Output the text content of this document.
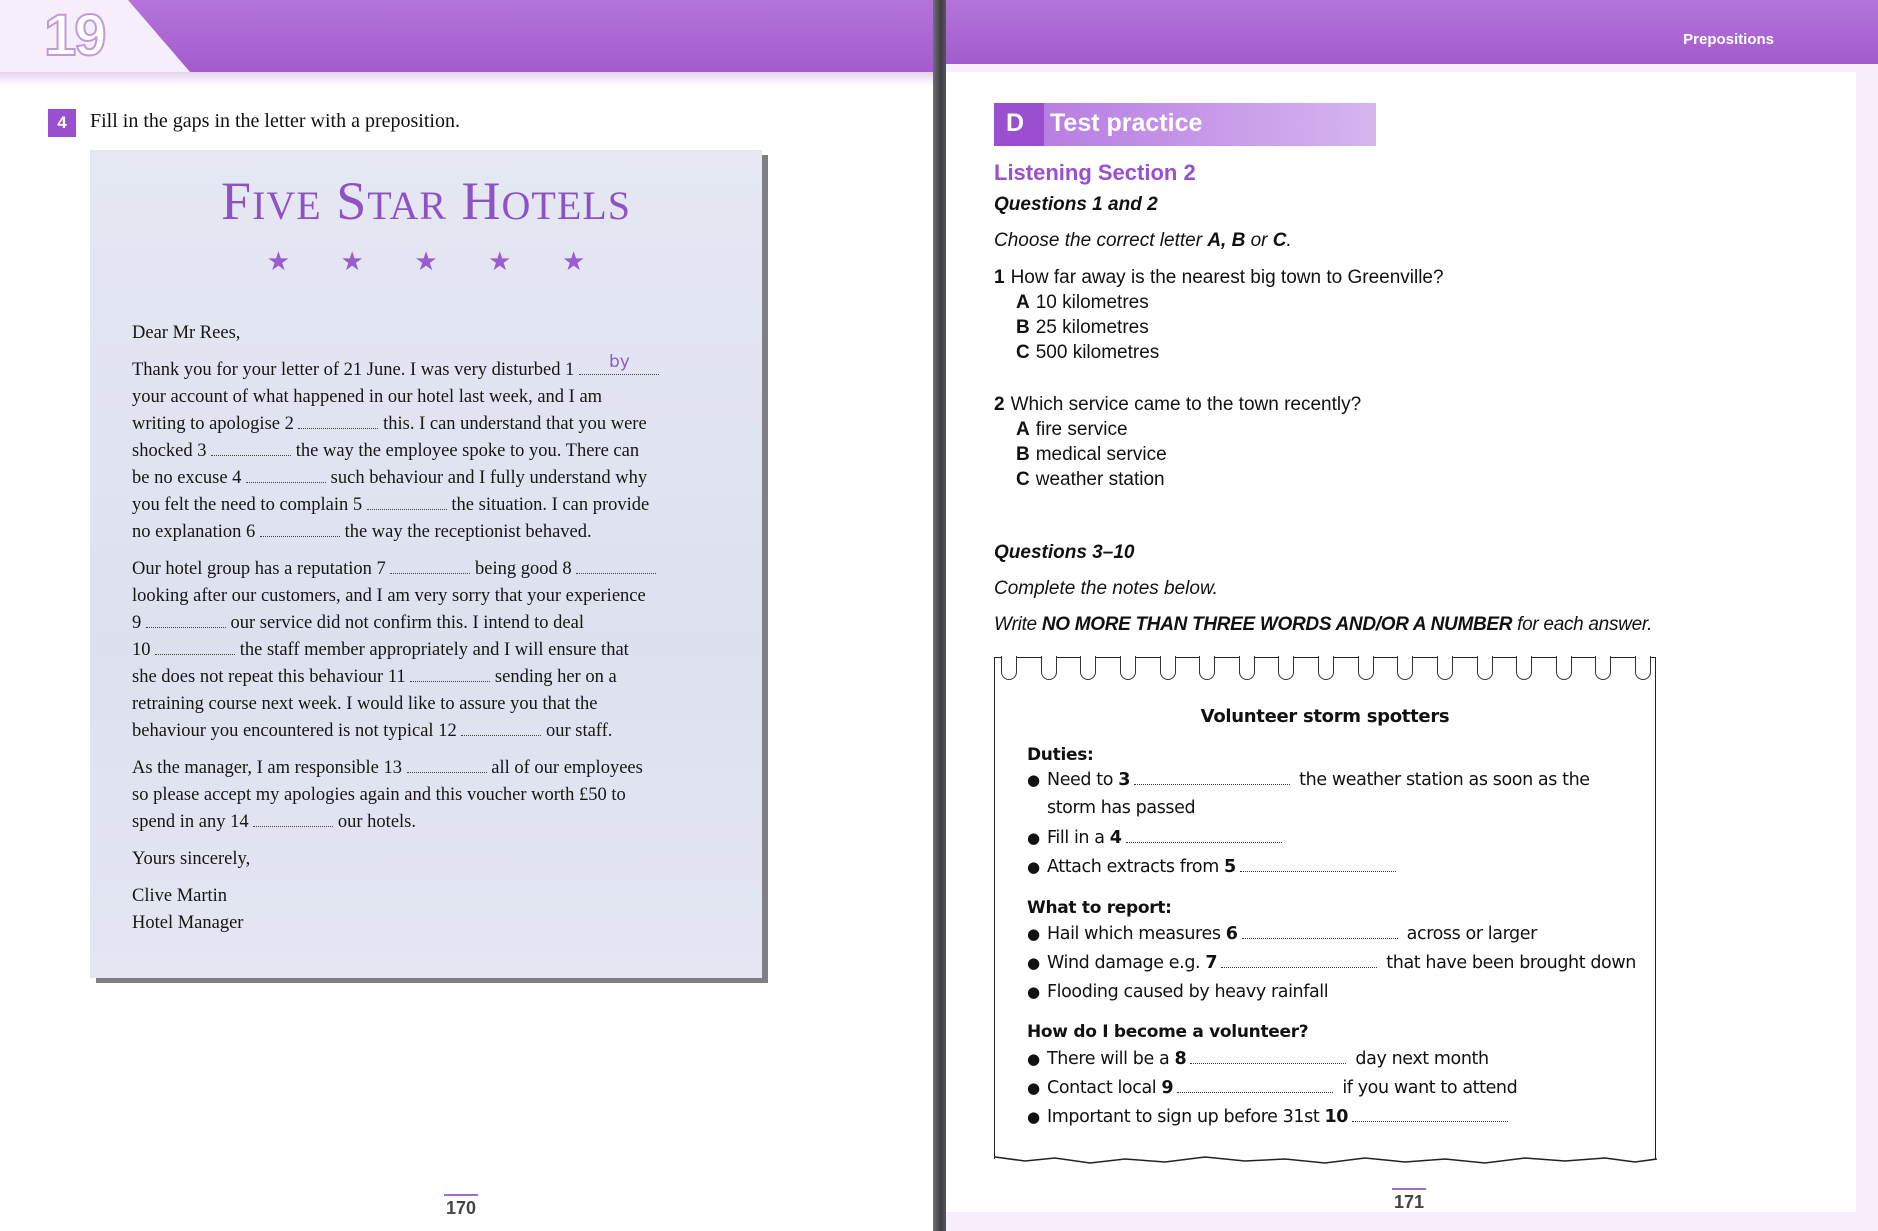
19
4	Fill in the gaps in the letter with a preposition.
FIVE STAR HOTELS
★ ★ ★ ★ ★

Dear Mr Rees,

Thank you for your letter of 21 June. I was very disturbed 1 by

your account of what happened in our hotel last week, and I am
writing to apologise 2	this. I can understand that you were
shocked 3	the way the employee spoke to you. There can
be no excuse 4	such behaviour and I fully understand why
you felt the need to complain 5	the situation. I can provide
no explanation 6	the way the receptionist behaved.

Our hotel group has a reputation 7	being good 8
looking after our customers, and I am very sorry that your experience
9	our service did not confirm this. I intend to deal
10	the staff member appropriately and I will ensure that
she does not repeat this behaviour 11	sending her on a
retraining course next week. I would like to assure you that the
behaviour you encountered is not typical 12	our staff.

As the manager, I am responsible 13	all of our employees
so please accept my apologies again and this voucher worth £50 to
spend in any 14	our hotels.

Yours sincerely,

Clive Martin

Hotel Manager

170
Prepositions
D Test practice
Listening Section 2
Questions 1 and 2
Choose the correct letter A, B or C.
1 How far away is the nearest big town to Greenville?
A 10 kilometres
B 25 kilometres
C 500 kilometres
2 Which service came to the town recently?
A fire service
B medical service
C weather station
Questions 3–10
Complete the notes below.
Write NO MORE THAN THREE WORDS AND/OR A NUMBER for each answer.
Volunteer storm spotters
Duties:
● Need to 3	the weather station as soon as the
storm has passed
● Fill in a 4
● Attach extracts from 5
What to report:
● Hail which measures 6	across or larger
● Wind damage e.g. 7	that have been brought down
● Flooding caused by heavy rainfall
How do I become a volunteer?
● There will be a 8	day next month
● Contact local 9	if you want to attend
● Important to sign up before 31st 10
171
